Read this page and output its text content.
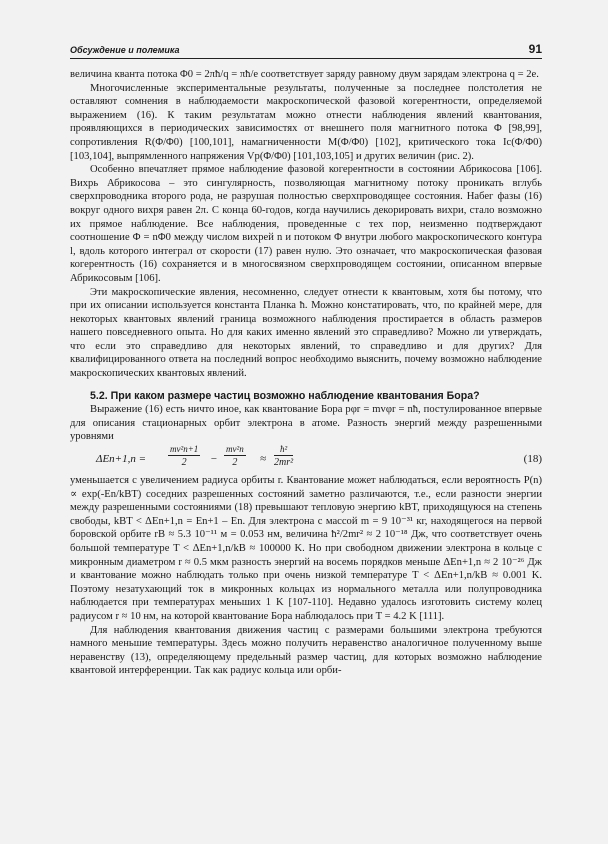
Обсуждение и полемика	91

величина кванта потока Φ0 = 2πħ/q = πħ/e соответствует заряду равному двум зарядам электрона q = 2e.

Многочисленные экспериментальные результаты, полученные за последнее полстолетия не оставляют сомнения в наблюдаемости макроскопической фазовой когерентности, определяемой выражением (16). К таким результатам можно отнести наблюдения явлений квантования, проявляющихся в периодических зависимостях от внешнего поля магнитного потока Φ [98,99], сопротивления R(Φ/Φ0) [100,101], намагниченности M(Φ/Φ0) [102], критического тока Ic(Φ/Φ0) [103,104], выпрямленного напряжения Vp(Φ/Φ0) [101,103,105] и других величин (рис. 2).

Особенно впечатляет прямое наблюдение фазовой когерентности в состоянии Абрикосова [106]. Вихрь Абрикосова – это сингулярность, позволяющая магнитному потоку проникать вглубь сверхпроводника второго рода, не разрушая полностью сверхпроводящее состояния. Набег фазы (16) вокруг одного вихря равен 2π. С конца 60-годов, когда научились декорировать вихри, стало возможно их прямое наблюдение. Все наблюдения, проведенные с тех пор, неизменно подтверждают соотношение Φ = nΦ0 между числом вихрей n и потоком Φ внутри любого макроскопического контура l, вдоль которого интеграл от скорости (17) равен нулю. Это означает, что макроскопическая фазовая когерентность (16) сохраняется и в многосвязном сверхпроводящем состоянии, описанном впервые Абрикосовым [106].

Эти макроскопические явления, несомненно, следует отнести к квантовым, хотя бы потому, что при их описании используется константа Планка ħ. Можно констатировать, что, по крайней мере, для некоторых квантовых явлений граница возможного наблюдения простирается в область размеров нашего повседневного опыта. Но для каких именно явлений это справедливо? Можно ли утверждать, что если это справедливо для некоторых явлений, то справедливо и для других? Для квалифицированного ответа на последний вопрос необходимо выяснить, почему возможно наблюдение макроскопических квантовых явлений.

5.2. При каком размере частиц возможно наблюдение квантования Бора?

Выражение (16) есть ничто иное, как квантование Бора pφr = mvφr = nħ, постулированное впервые для описания стационарных орбит электрона в атоме. Разность энергий между разрешенными уровнями

$\Delta En+1,n = \frac{\text{mv²n+1}}{2} - \frac{\text{mv²n}}{2} \approx \frac{\text{ħ²}}{\text{2mr²}}$	(18)

уменьшается с увеличением радиуса орбиты r. Квантование может наблюдаться, если вероятность P(n) ∝ exp(-En/kBT) соседних разрешенных состояний заметно различаются, т.е., если разности энергии между разрешенными состояниями (18) превышают тепловую энергию kBT, приходящуюся на степень свободы, kBT < ΔEn+1,n = En+1 – En. Для электрона с массой m = 9 10⁻³¹ кг, находящегося на первой боровской орбите rB ≈ 5.3 10⁻¹¹ м = 0.053 нм, величина ħ²/2mr² ≈ 2 10⁻¹⁸ Дж, что соответствует очень большой температуре T < ΔEn+1,n/kB ≈ 100000 K. Но при свободном движении электрона в кольце с микронным диаметром r ≈ 0.5 мкм разность энергий на восемь порядков меньше ΔEn+1,n ≈ 2 10⁻²⁶ Дж и квантование можно наблюдать только при очень низкой температуре T < ΔEn+1,n/kB ≈ 0.001 K. Поэтому незатухающий ток в микронных кольцах из нормального металла или полупроводника наблюдается при температурах меньших 1 K [107-110]. Недавно удалось изготовить систему колец радиусом r ≈ 10 нм, на которой квантование Бора наблюдалось при T = 4.2 K [111].

Для наблюдения квантования движения частиц с размерами большими электрона требуются намного меньшие температуры. Здесь можно получить неравенство аналогичное полученному выше неравенству (13), определяющему предельный размер частиц, для которых возможно наблюдение квантовой интерференции. Так как радиус кольца или орби-
